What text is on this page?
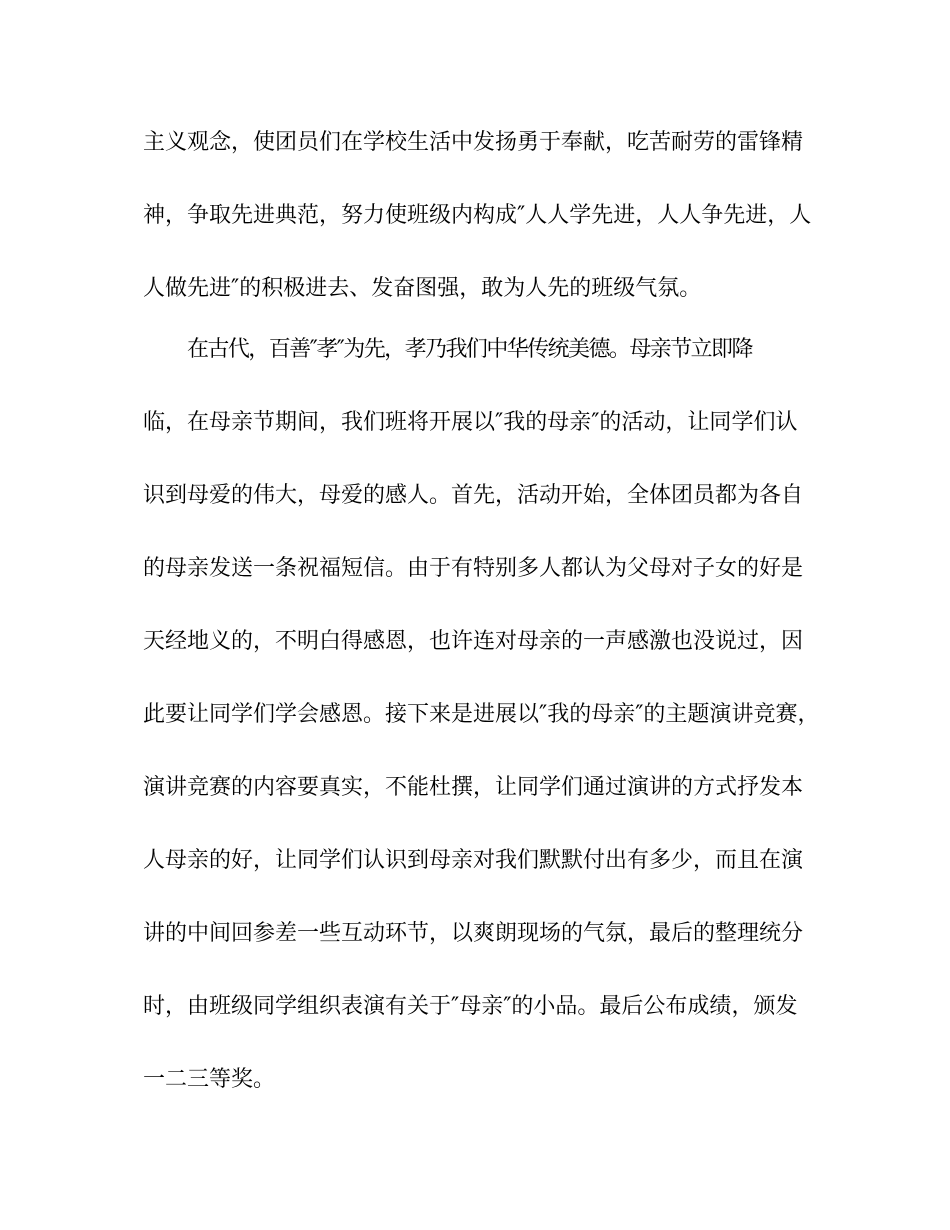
主义观念，使团员们在学校生活中发扬勇于奉献，吃苦耐劳的雷锋精

神，争取先进典范，努力使班级内构成″人人学先进，人人争先进，人

人做先进″的积极进去、发奋图强，敢为人先的班级气氛。

在古代，百善″孝″为先，孝乃我们中华传统美德。母亲节立即降

临，在母亲节期间，我们班将开展以″我的母亲″的活动，让同学们认

识到母爱的伟大，母爱的感人。首先，活动开始，全体团员都为各自

的母亲发送一条祝福短信。由于有特别多人都认为父母对子女的好是

天经地义的，不明白得感恩，也许连对母亲的一声感激也没说过，因

此要让同学们学会感恩。接下来是进展以″我的母亲″的主题演讲竞赛，

演讲竞赛的内容要真实，不能杜撰，让同学们通过演讲的方式抒发本

人母亲的好，让同学们认识到母亲对我们默默付出有多少，而且在演

讲的中间回参差一些互动环节，以爽朗现场的气氛，最后的整理统分

时，由班级同学组织表演有关于″母亲″的小品。最后公布成绩，颁发

一二三等奖。
